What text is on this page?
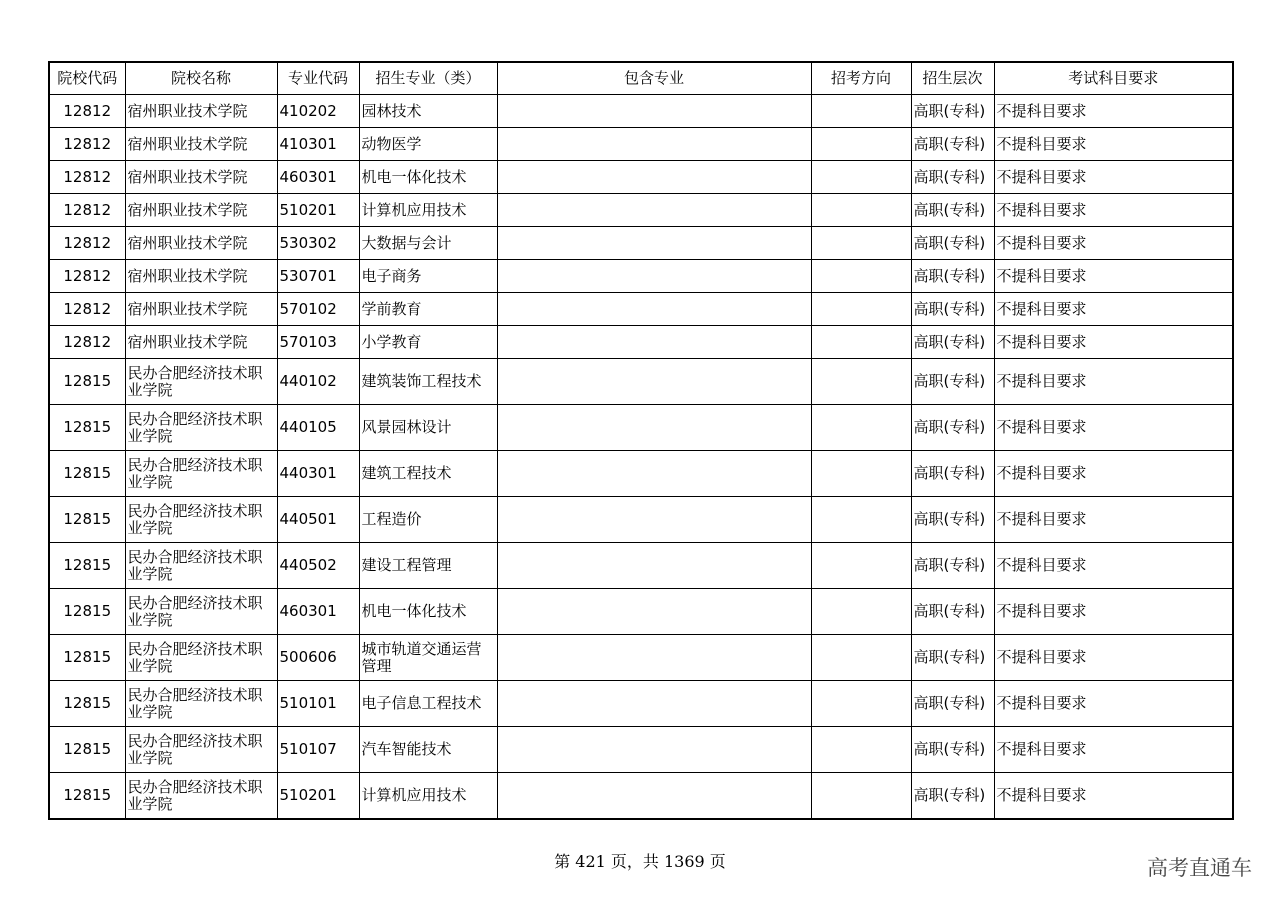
院校代码	院校名称	专业代码	招生专业（类）	包含专业	招考方向	招生层次	考试科目要求
12812	宿州职业技术学院	410202	园林技术			高职(专科)	不提科目要求
12812	宿州职业技术学院	410301	动物医学			高职(专科)	不提科目要求
12812	宿州职业技术学院	460301	机电一体化技术			高职(专科)	不提科目要求
12812	宿州职业技术学院	510201	计算机应用技术			高职(专科)	不提科目要求
12812	宿州职业技术学院	530302	大数据与会计			高职(专科)	不提科目要求
12812	宿州职业技术学院	530701	电子商务			高职(专科)	不提科目要求
12812	宿州职业技术学院	570102	学前教育			高职(专科)	不提科目要求
12812	宿州职业技术学院	570103	小学教育			高职(专科)	不提科目要求
12815	民办合肥经济技术职业学院	440102	建筑装饰工程技术			高职(专科)	不提科目要求
12815	民办合肥经济技术职业学院	440105	风景园林设计			高职(专科)	不提科目要求
12815	民办合肥经济技术职业学院	440301	建筑工程技术			高职(专科)	不提科目要求
12815	民办合肥经济技术职业学院	440501	工程造价			高职(专科)	不提科目要求
12815	民办合肥经济技术职业学院	440502	建设工程管理			高职(专科)	不提科目要求
12815	民办合肥经济技术职业学院	460301	机电一体化技术			高职(专科)	不提科目要求
12815	民办合肥经济技术职业学院	500606	城市轨道交通运营管理			高职(专科)	不提科目要求
12815	民办合肥经济技术职业学院	510101	电子信息工程技术			高职(专科)	不提科目要求
12815	民办合肥经济技术职业学院	510107	汽车智能技术			高职(专科)	不提科目要求
12815	民办合肥经济技术职业学院	510201	计算机应用技术			高职(专科)	不提科目要求
第 421 页，共 1369 页	高考直通车
